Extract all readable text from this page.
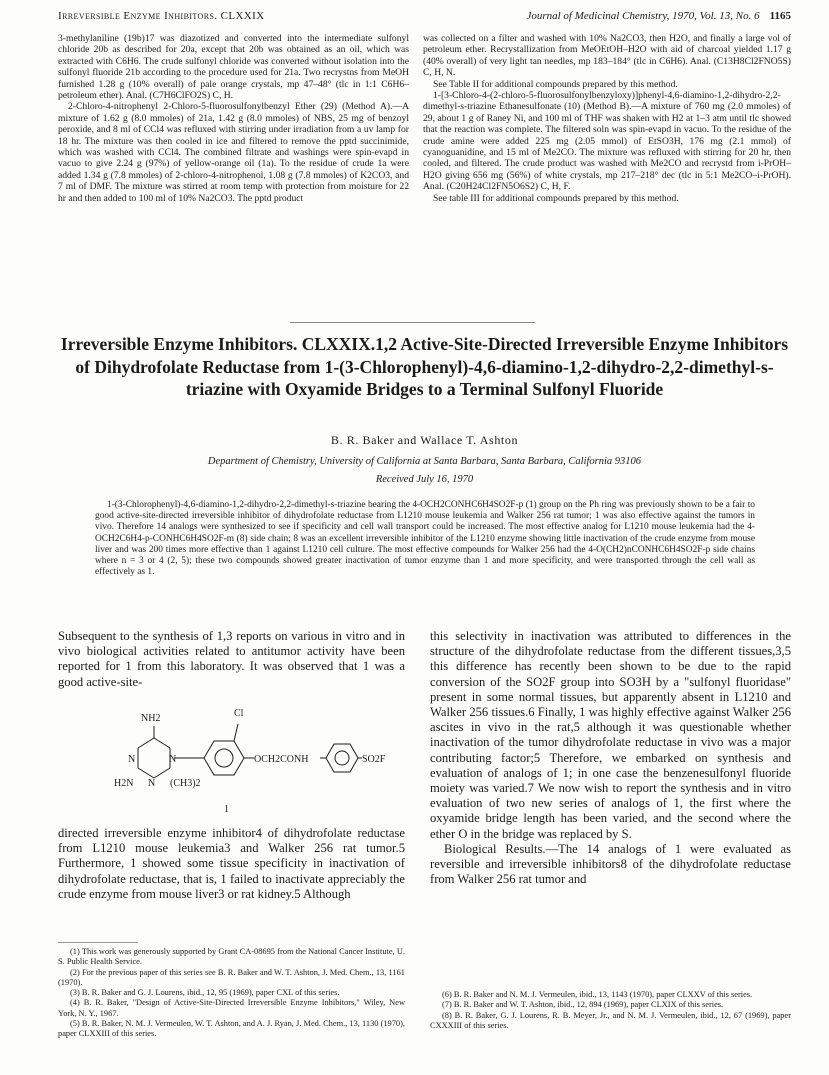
Irreversible Enzyme Inhibitors. CLXXIX	Journal of Medicinal Chemistry, 1970, Vol. 13, No. 6 1165

3-methylaniline (19b)17 was diazotized and converted into the intermediate sulfonyl chloride 20b as described for 20a, except that 20b was obtained as an oil, which was extracted with C6H6. The crude sulfonyl chloride was converted without isolation into the sulfonyl fluoride 21b according to the procedure used for 21a. Two recrystns from MeOH furnished 1.28 g (10% overall) of pale orange crystals, mp 47–48° (tlc in 1:1 C6H6–petroleum ether). Anal. (C7H6ClFO2S) C, H.

2-Chloro-4-nitrophenyl 2-Chloro-5-fluorosulfonylbenzyl Ether (29) (Method A).—A mixture of 1.62 g (8.0 mmoles) of 21a, 1.42 g (8.0 mmoles) of NBS, 25 mg of benzoyl peroxide, and 8 ml of CCl4 was refluxed with stirring under irradiation from a uv lamp for 18 hr. The mixture was then cooled in ice and filtered to remove the pptd succinimide, which was washed with CCl4. The combined filtrate and washings were spin-evapd in vacuo to give 2.24 g (97%) of yellow-orange oil (1a). To the residue of crude 1a were added 1.34 g (7.8 mmoles) of 2-chloro-4-nitrophenol, 1.08 g (7.8 mmoles) of K2CO3, and 7 ml of DMF. The mixture was stirred at room temp with protection from moisture for 22 hr and then added to 100 ml of 10% Na2CO3. The pptd product

was collected on a filter and washed with 10% Na2CO3, then H2O, and finally a large vol of petroleum ether. Recrystallization from MeOEtOH–H2O with aid of charcoal yielded 1.17 g (40% overall) of very light tan needles, mp 183–184° (tlc in C6H6). Anal. (C13H8Cl2FNO5S) C, H, N.

See Table II for additional compounds prepared by this method.

1-[3-Chloro-4-(2-chloro-5-fluorosulfonylbenzyloxy)]phenyl-4,6-diamino-1,2-dihydro-2,2-dimethyl-s-triazine Ethanesulfonate (10) (Method B).—A mixture of 760 mg (2.0 mmoles) of 29, about 1 g of Raney Ni, and 100 ml of THF was shaken with H2 at 1–3 atm until tlc showed that the reaction was complete. The filtered soln was spin-evapd in vacuo. To the residue of the crude amine were added 225 mg (2.05 mmol) of EtSO3H, 176 mg (2.1 mmol) of cyanoguanidine, and 15 ml of Me2CO. The mixture was refluxed with stirring for 20 hr, then cooled, and filtered. The crude product was washed with Me2CO and recrystd from i-PrOH–H2O giving 656 mg (56%) of white crystals, mp 217–218° dec (tlc in 5:1 Me2CO–i-PrOH). Anal. (C20H24Cl2FN5O6S2) C, H, F.

See table III for additional compounds prepared by this method.

Irreversible Enzyme Inhibitors. CLXXIX.1,2 Active-Site-Directed Irreversible Enzyme Inhibitors of Dihydrofolate Reductase from 1-(3-Chlorophenyl)-4,6-diamino-1,2-dihydro-2,2-dimethyl-s-triazine with Oxyamide Bridges to a Terminal Sulfonyl Fluoride
B. R. Baker and Wallace T. Ashton
Department of Chemistry, University of California at Santa Barbara, Santa Barbara, California 93106
Received July 16, 1970

1-(3-Chlorophenyl)-4,6-diamino-1,2-dihydro-2,2-dimethyl-s-triazine bearing the 4-OCH2CONHC6H4SO2F-p (1) group on the Ph ring was previously shown to be a fair to good active-site-directed irreversible inhibitor of dihydrofolate reductase from L1210 mouse leukemia and Walker 256 rat tumor; 1 was also effective against the tumors in vivo. Therefore 14 analogs were synthesized to see if specificity and cell wall transport could be increased. The most effective analog for L1210 mouse leukemia had the 4-OCH2C6H4-p-CONHC6H4SO2F-m (8) side chain; 8 was an excellent irreversible inhibitor of the L1210 enzyme showing little inactivation of the crude enzyme from mouse liver and was 200 times more effective than 1 against L1210 cell culture. The most effective compounds for Walker 256 had the 4-O(CH2)nCONHC6H4SO2F-p side chains where n = 3 or 4 (2, 5); these two compounds showed greater inactivation of tumor enzyme than 1 and more specificity, and were transported through the cell wall as effectively as 1.

Subsequent to the synthesis of 1,3 reports on various in vitro and in vivo biological activities related to antitumor activity have been reported for 1 from this laboratory. It was observed that 1 was a good active-site-

NH2	Cl
N	N
N
H2N	(CH3)2
OCH2CONH	SO2F
1

directed irreversible enzyme inhibitor4 of dihydrofolate reductase from L1210 mouse leukemia3 and Walker 256 rat tumor.5 Furthermore, 1 showed some tissue specificity in inactivation of dihydrofolate reductase, that is, 1 failed to inactivate appreciably the crude enzyme from mouse liver3 or rat kidney.5 Although

this selectivity in inactivation was attributed to differences in the structure of the dihydrofolate reductase from the different tissues,3,5 this difference has recently been shown to be due to the rapid conversion of the SO2F group into SO3H by a "sulfonyl fluoridase" present in some normal tissues, but apparently absent in L1210 and Walker 256 tissues.6 Finally, 1 was highly effective against Walker 256 ascites in vivo in the rat,5 although it was questionable whether inactivation of the tumor dihydrofolate reductase in vivo was a major contributing factor;5 Therefore, we embarked on synthesis and evaluation of analogs of 1; in one case the benzenesulfonyl fluoride moiety was varied.7 We now wish to report the synthesis and in vitro evaluation of two new series of analogs of 1, the first where the oxyamide bridge length has been varied, and the second where the ether O in the bridge was replaced by S.

Biological Results.—The 14 analogs of 1 were evaluated as reversible and irreversible inhibitors8 of the dihydrofolate reductase from Walker 256 rat tumor and

(1) This work was generously supported by Grant CA-08695 from the National Cancer Institute, U. S. Public Health Service.

(2) For the previous paper of this series see B. R. Baker and W. T. Ashton, J. Med. Chem., 13, 1161 (1970).

(3) B. R. Baker and G. J. Lourens, ibid., 12, 95 (1969), paper CXL of this series.

(4) B. R. Baker, "Design of Active-Site-Directed Irreversible Enzyme Inhibitors," Wiley, New York, N. Y., 1967.

(5) B. R. Baker, N. M. J. Vermeulen, W. T. Ashton, and A. J. Ryan, J. Med. Chem., 13, 1130 (1970), paper CLXXIII of this series.

(6) B. R. Baker and N. M. J. Vermeulen, ibid., 13, 1143 (1970), paper CLXXV of this series.

(7) B. R. Baker and W. T. Ashton, ibid., 12, 894 (1969), paper CLXIX of this series.

(8) B. R. Baker, G. J. Lourens, R. B. Meyer, Jr., and N. M. J. Vermeulen, ibid., 12, 67 (1969), paper CXXXIII of this series.
